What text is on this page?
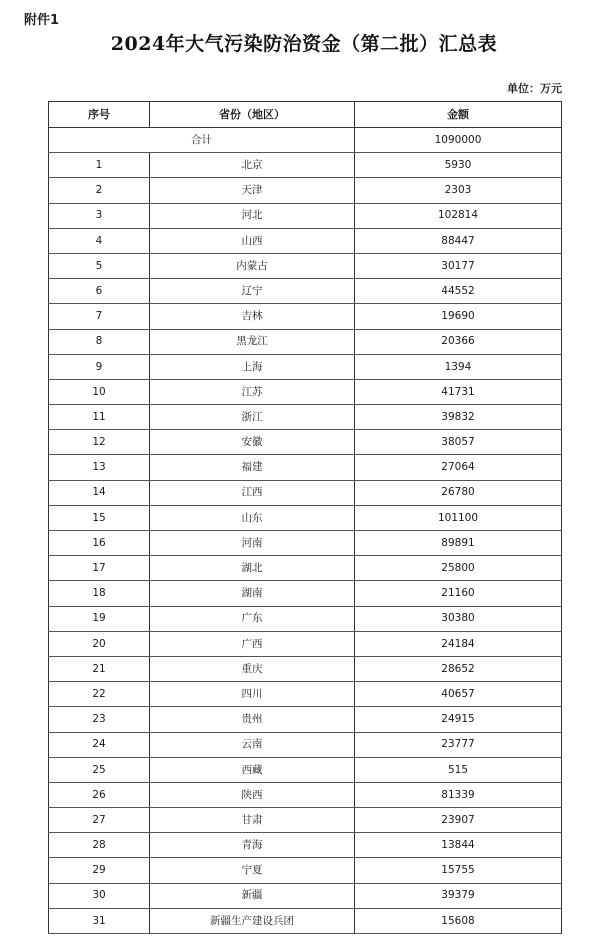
附件1
2024年大气污染防治资金（第二批）汇总表
单位：万元
序号	省份（地区）	金额
合计		1090000
1	北京	5930
2	天津	2303
3	河北	102814
4	山西	88447
5	内蒙古	30177
6	辽宁	44552
7	吉林	19690
8	黑龙江	20366
9	上海	1394
10	江苏	41731
11	浙江	39832
12	安徽	38057
13	福建	27064
14	江西	26780
15	山东	101100
16	河南	89891
17	湖北	25800
18	湖南	21160
19	广东	30380
20	广西	24184
21	重庆	28652
22	四川	40657
23	贵州	24915
24	云南	23777
25	西藏	515
26	陕西	81339
27	甘肃	23907
28	青海	13844
29	宁夏	15755
30	新疆	39379
31	新疆生产建设兵团	15608
